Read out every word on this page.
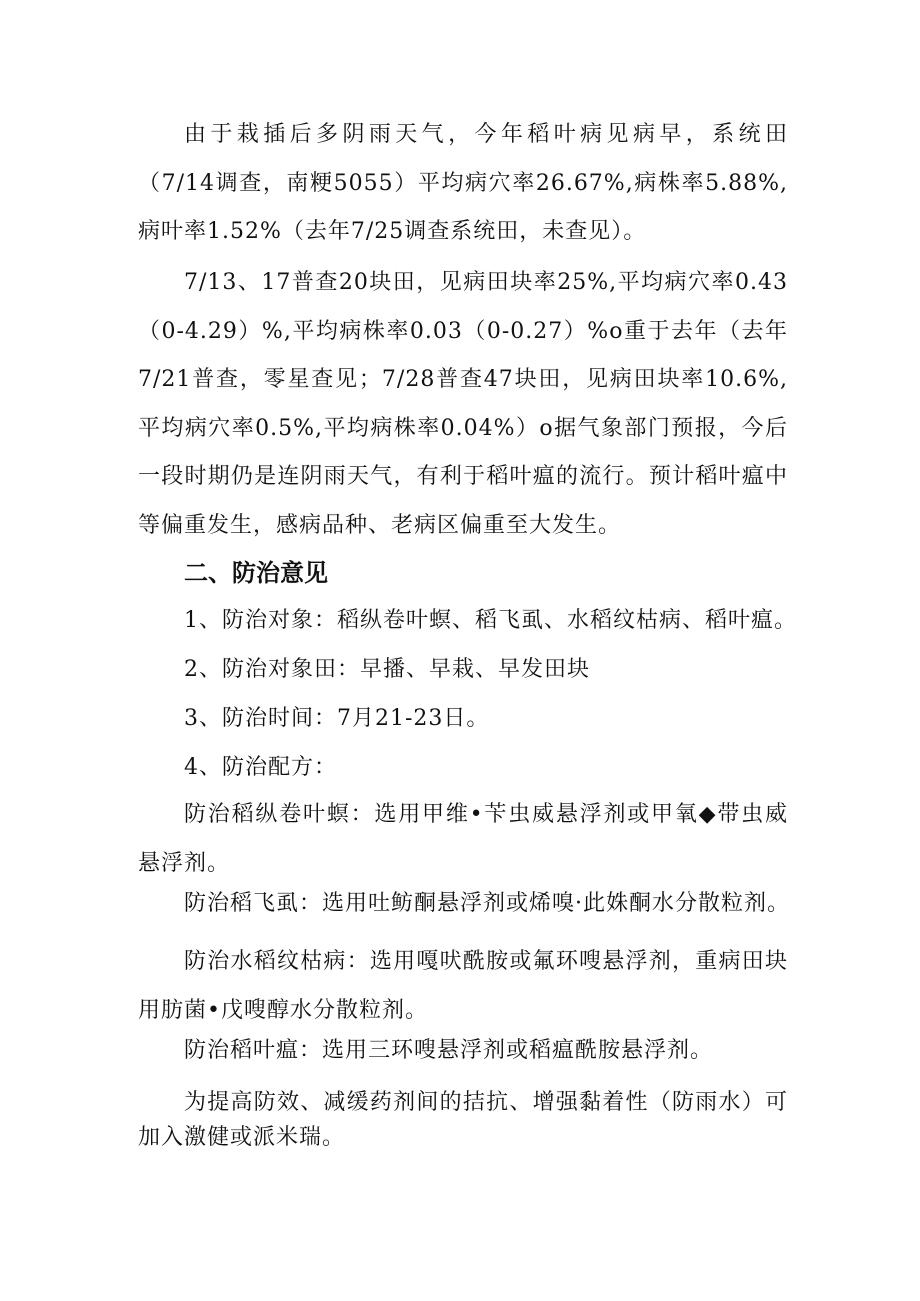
由于栽插后多阴雨天气，今年稻叶病见病早，系统田（7/14调查，南粳5055）平均病穴率26.67%,病株率5.88%,病叶率1.52%（去年7/25调查系统田，未查见）。

7/13、17普查20块田，见病田块率25%,平均病穴率0.43（0-4.29）%,平均病株率0.03（0-0.27）%o重于去年（去年7/21普查，零星查见；7/28普查47块田，见病田块率10.6%,平均病穴率0.5%,平均病株率0.04%）o据气象部门预报，今后一段时期仍是连阴雨天气，有利于稻叶瘟的流行。预计稻叶瘟中等偏重发生，感病品种、老病区偏重至大发生。

二、防治意见

1、防治对象：稻纵卷叶螟、稻飞虱、水稻纹枯病、稻叶瘟。

2、防治对象田：早播、早栽、早发田块

3、防治时间：7月21-23日。

4、防治配方：

防治稻纵卷叶螟：选用甲维•苄虫威悬浮剂或甲氧◆带虫威悬浮剂。

防治稻飞虱：选用吐鲂酮悬浮剂或烯嗅·此姝酮水分散粒剂。

防治水稻纹枯病：选用嘎吠酰胺或氟环嗖悬浮剂，重病田块用肪菌•戊嗖醇水分散粒剂。

防治稻叶瘟：选用三环嗖悬浮剂或稻瘟酰胺悬浮剂。

为提高防效、减缓药剂间的拮抗、增强黏着性（防雨水）可加入激健或派米瑞。
